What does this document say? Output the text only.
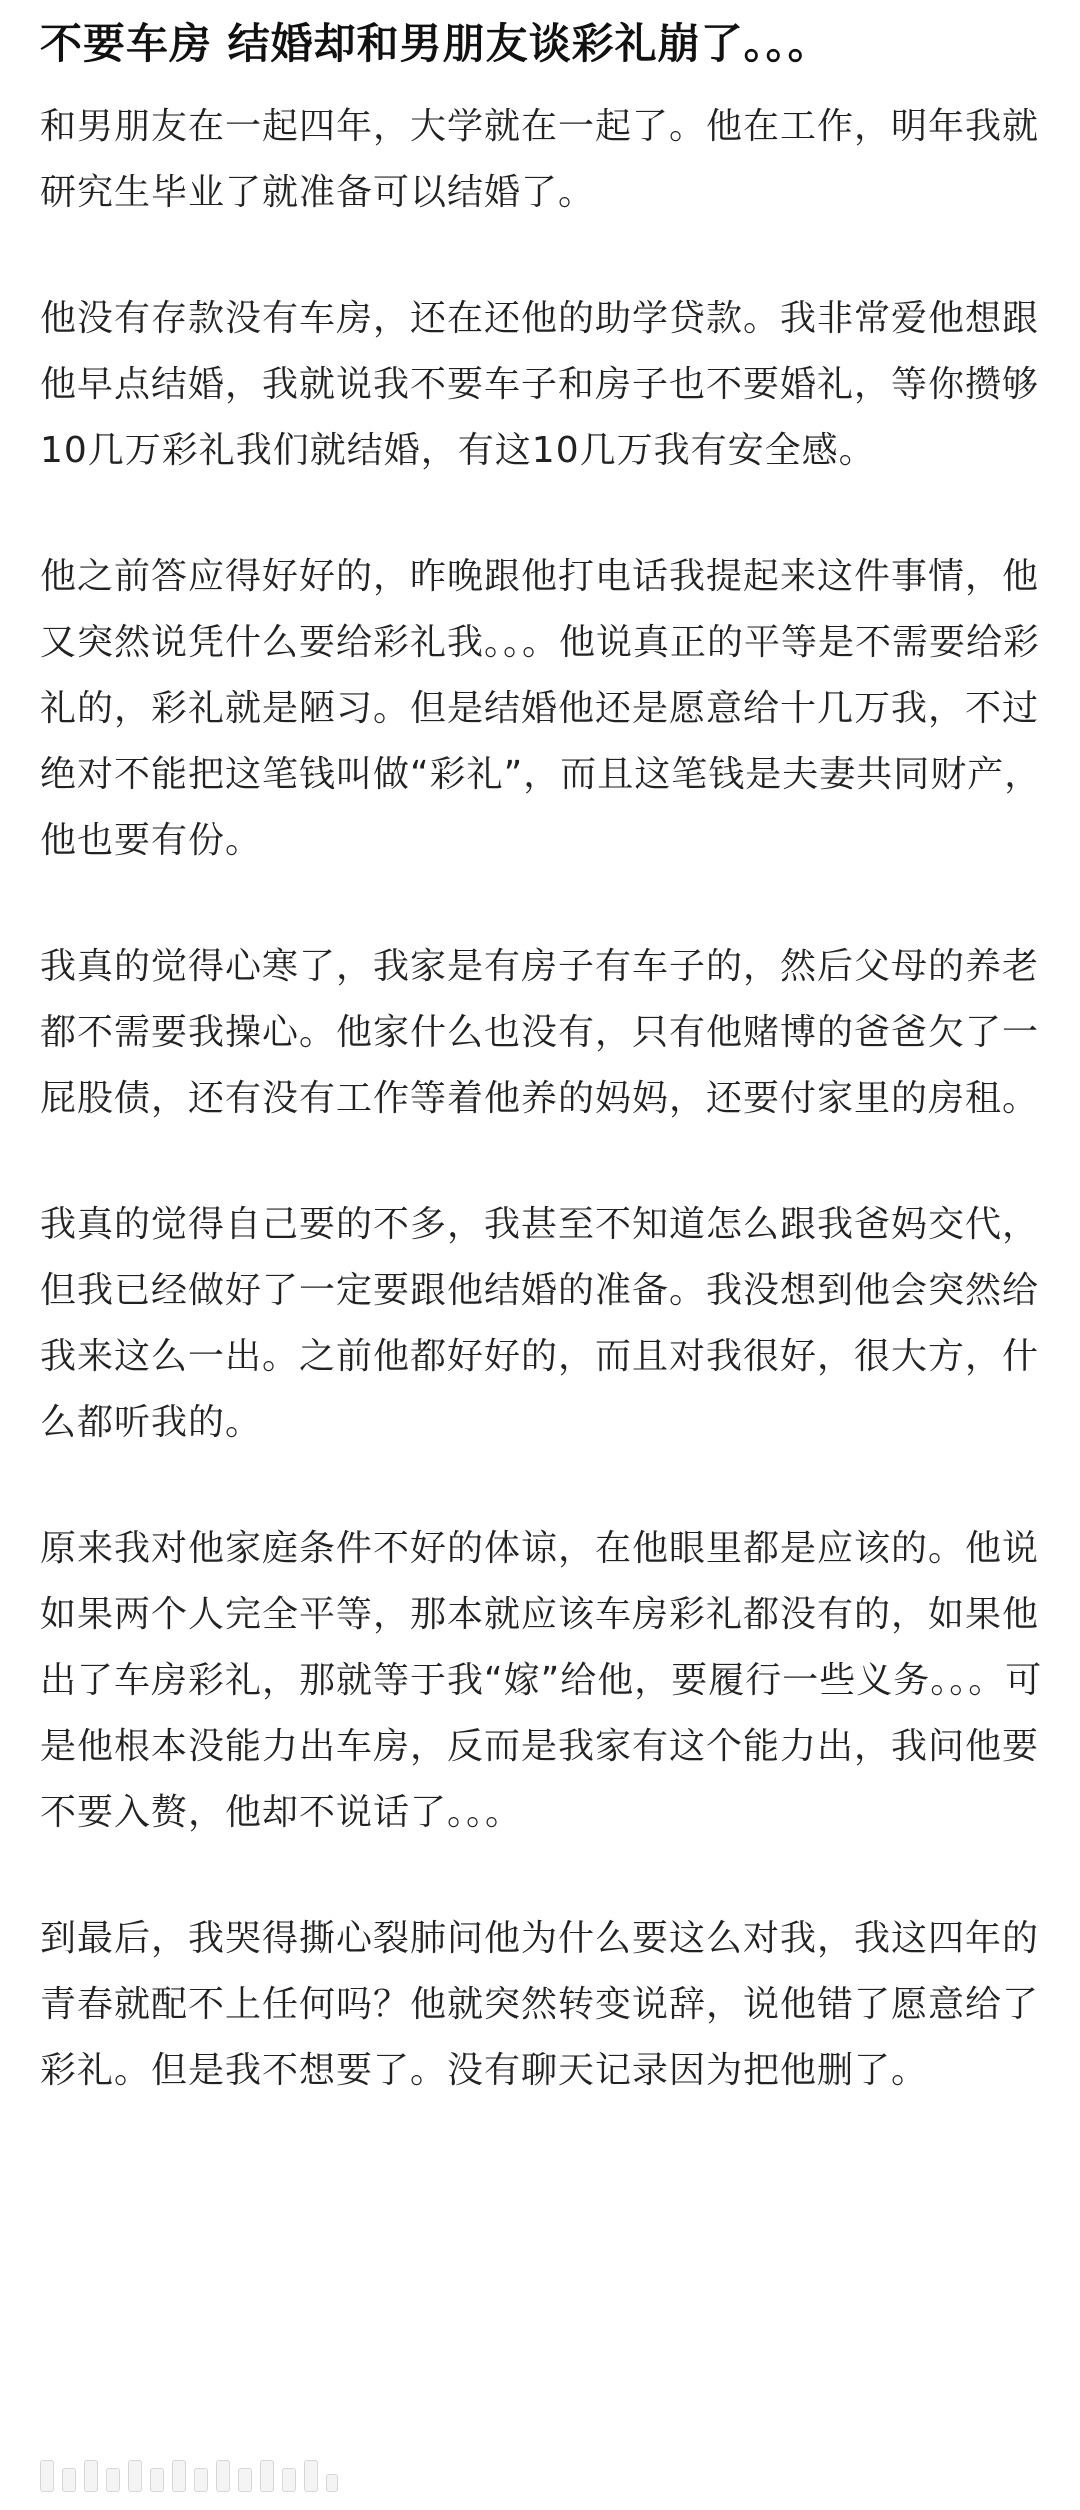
不要车房 结婚却和男朋友谈彩礼崩了。。。

和男朋友在一起四年，大学就在一起了。他在工作，明年我就研究生毕业了就准备可以结婚了。

他没有存款没有车房，还在还他的助学贷款。我非常爱他想跟他早点结婚，我就说我不要车子和房子也不要婚礼，等你攒够10几万彩礼我们就结婚，有这10几万我有安全感。

他之前答应得好好的，昨晚跟他打电话我提起来这件事情，他又突然说凭什么要给彩礼我。。。他说真正的平等是不需要给彩礼的，彩礼就是陋习。但是结婚他还是愿意给十几万我，不过绝对不能把这笔钱叫做“彩礼”，而且这笔钱是夫妻共同财产，他也要有份。

我真的觉得心寒了，我家是有房子有车子的，然后父母的养老都不需要我操心。他家什么也没有，只有他赌博的爸爸欠了一屁股债，还有没有工作等着他养的妈妈，还要付家里的房租。

我真的觉得自己要的不多，我甚至不知道怎么跟我爸妈交代，但我已经做好了一定要跟他结婚的准备。我没想到他会突然给我来这么一出。之前他都好好的，而且对我很好，很大方，什么都听我的。

原来我对他家庭条件不好的体谅，在他眼里都是应该的。他说如果两个人完全平等，那本就应该车房彩礼都没有的，如果他出了车房彩礼，那就等于我“嫁”给他，要履行一些义务。。。可是他根本没能力出车房，反而是我家有这个能力出，我问他要不要入赘，他却不说话了。。。

到最后，我哭得撕心裂肺问他为什么要这么对我，我这四年的青春就配不上任何吗？他就突然转变说辞，说他错了愿意给了彩礼。但是我不想要了。没有聊天记录因为把他删了。
